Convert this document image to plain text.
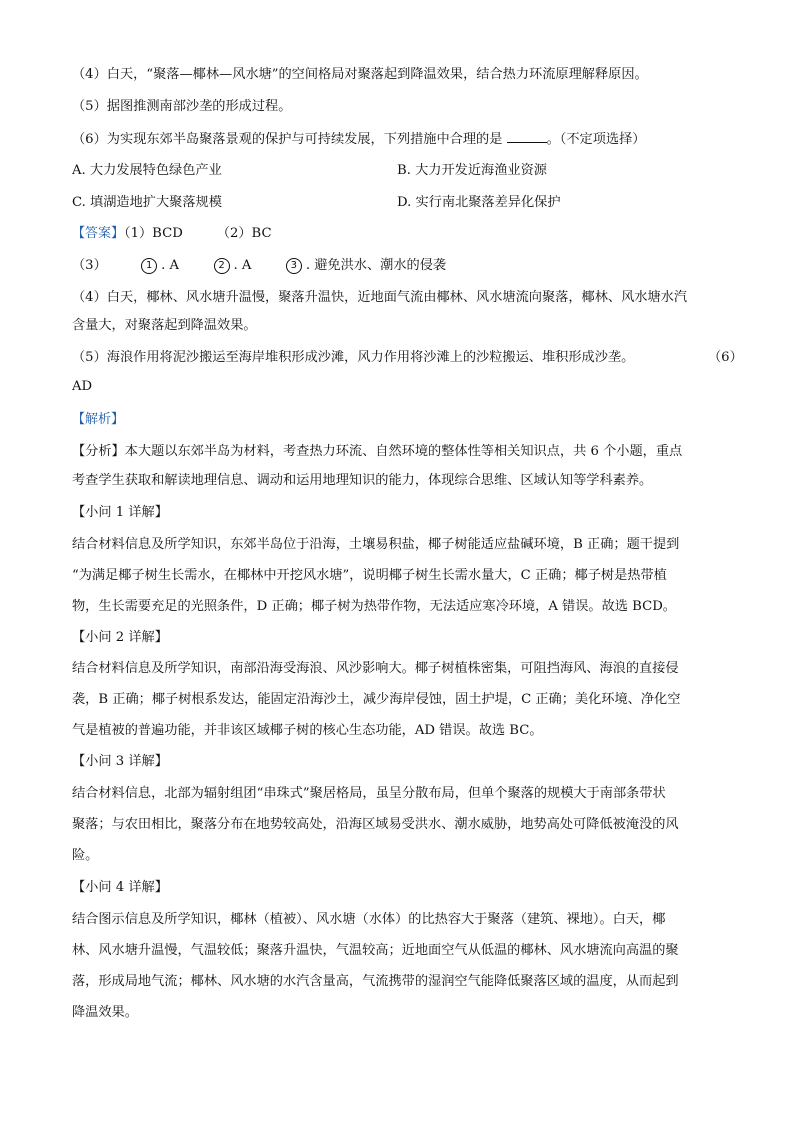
（4）白天，“聚落—椰林—风水塘”的空间格局对聚落起到降温效果，结合热力环流原理解释原因。
（5）据图推测南部沙垄的形成过程。
（6）为实现东郊半岛聚落景观的保护与可持续发展，下列措施中合理的是	。（不定项选择）
A. 大力发展特色绿色产业	B. 大力开发近海渔业资源
C. 填湖造地扩大聚落规模	D. 实行南北聚落差异化保护
【答案】（1）BCD	（2）BC
（3）	1 . A	2 . A	3 . 避免洪水、潮水的侵袭
（4）白天，椰林、风水塘升温慢，聚落升温快，近地面气流由椰林、风水塘流向聚落，椰林、风水塘水汽
含量大，对聚落起到降温效果。
（5）海浪作用将泥沙搬运至海岸堆积形成沙滩，风力作用将沙滩上的沙粒搬运、堆积形成沙垄。	（6）
AD
【解析】
【分析】本大题以东郊半岛为材料，考查热力环流、自然环境的整体性等相关知识点，共 6 个小题，重点
考查学生获取和解读地理信息、调动和运用地理知识的能力，体现综合思维、区域认知等学科素养。
【小问 1 详解】
结合材料信息及所学知识，东郊半岛位于沿海，土壤易积盐，椰子树能适应盐碱环境，B 正确；题干提到
“为满足椰子树生长需水，在椰林中开挖风水塘”，说明椰子树生长需水量大，C 正确；椰子树是热带植
物，生长需要充足的光照条件，D 正确；椰子树为热带作物，无法适应寒冷环境，A 错误。故选 BCD。
【小问 2 详解】
结合材料信息及所学知识，南部沿海受海浪、风沙影响大。椰子树植株密集，可阻挡海风、海浪的直接侵
袭，B 正确；椰子树根系发达，能固定沿海沙土，减少海岸侵蚀，固土护堤，C 正确；美化环境、净化空
气是植被的普遍功能，并非该区域椰子树的核心生态功能，AD 错误。故选 BC。
【小问 3 详解】
结合材料信息，北部为辐射组团“串珠式”聚居格局，虽呈分散布局，但单个聚落的规模大于南部条带状
聚落；与农田相比，聚落分布在地势较高处，沿海区域易受洪水、潮水威胁，地势高处可降低被淹没的风
险。
【小问 4 详解】
结合图示信息及所学知识，椰林（植被）、风水塘（水体）的比热容大于聚落（建筑、裸地）。白天，椰
林、风水塘升温慢，气温较低；聚落升温快，气温较高；近地面空气从低温的椰林、风水塘流向高温的聚
落，形成局地气流；椰林、风水塘的水汽含量高，气流携带的湿润空气能降低聚落区域的温度，从而起到
降温效果。
